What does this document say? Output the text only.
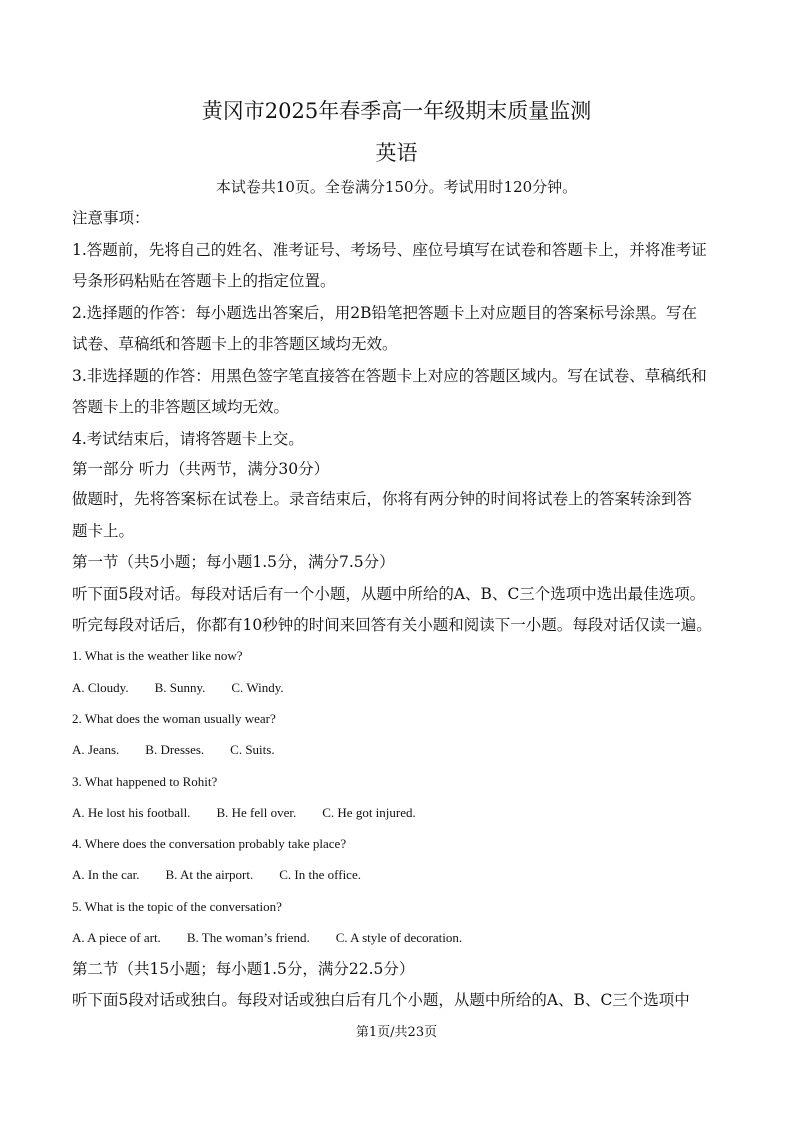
黄冈市2025年春季高一年级期末质量监测
英语
本试卷共10页。全卷满分150分。考试用时120分钟。
注意事项：
1.答题前，先将自己的姓名、准考证号、考场号、座位号填写在试卷和答题卡上，并将准考证
号条形码粘贴在答题卡上的指定位置。
2.选择题的作答：每小题选出答案后，用2B铅笔把答题卡上对应题目的答案标号涂黑。写在
试卷、草稿纸和答题卡上的非答题区域均无效。
3.非选择题的作答：用黑色签字笔直接答在答题卡上对应的答题区域内。写在试卷、草稿纸和
答题卡上的非答题区域均无效。
4.考试结束后，请将答题卡上交。
第一部分 听力（共两节，满分30分）
做题时，先将答案标在试卷上。录音结束后，你将有两分钟的时间将试卷上的答案转涂到答
题卡上。
第一节（共5小题；每小题1.5分，满分7.5分）
听下面5段对话。每段对话后有一个小题，从题中所给的A、B、C三个选项中选出最佳选项。
听完每段对话后，你都有10秒钟的时间来回答有关小题和阅读下一小题。每段对话仅读一遍。
1. What is the weather like now?
A. Cloudy. B. Sunny. C. Windy.
2. What does the woman usually wear?
A. Jeans. B. Dresses. C. Suits.
3. What happened to Rohit?
A. He lost his football. B. He fell over. C. He got injured.
4. Where does the conversation probably take place?
A. In the car. B. At the airport. C. In the office.
5. What is the topic of the conversation?
A. A piece of art. B. The woman’s friend. C. A style of decoration.
第二节（共15小题；每小题1.5分，满分22.5分）
听下面5段对话或独白。每段对话或独白后有几个小题，从题中所给的A、B、C三个选项中
第1页/共23页
